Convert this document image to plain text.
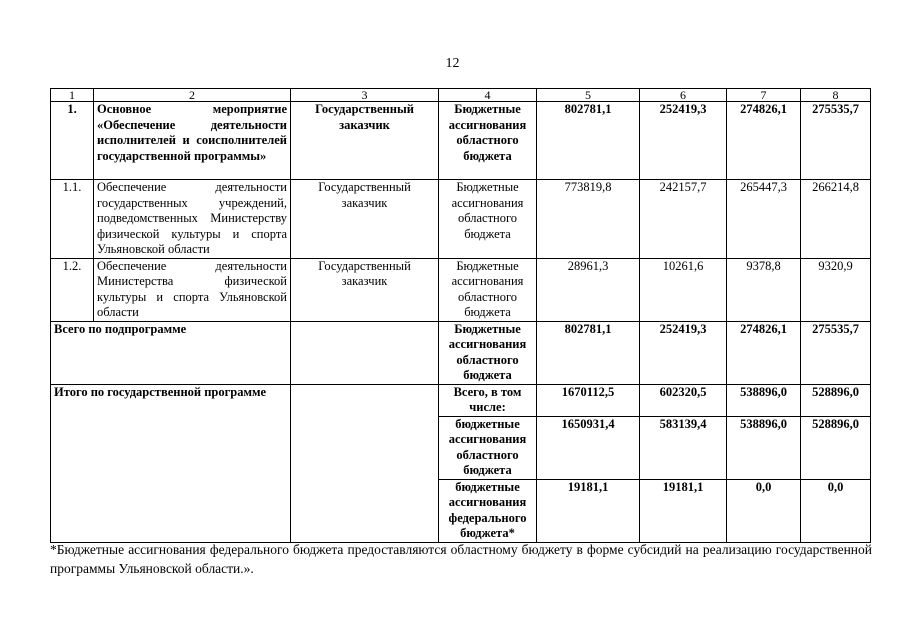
12
1	2	3	4	5	6	7	8
1.	Основное мероприятие «Обеспечение деятельности исполнителей и соисполнителей государственной программы»	Государственный заказчик	Бюджетные ассигнования областного бюджета	802781,1	252419,3	274826,1	275535,7
1.1.	Обеспечение деятельности государственных учреждений, подведомственных Министерству физической культуры и спорта Ульяновской области	Государственный заказчик	Бюджетные ассигнования областного бюджета	773819,8	242157,7	265447,3	266214,8
1.2.	Обеспечение деятельности Министерства физической культуры и спорта Ульяновской области	Государственный заказчик	Бюджетные ассигнования областного бюджета	28961,3	10261,6	9378,8	9320,9
Всего по подпрограмме			Бюджетные ассигнования областного бюджета	802781,1	252419,3	274826,1	275535,7
Итого по государственной программе			Всего, в том числе:	1670112,5	602320,5	538896,0	528896,0
			бюджетные ассигнования областного бюджета	1650931,4	583139,4	538896,0	528896,0
			бюджетные ассигнования федерального бюджета*	19181,1	19181,1	0,0	0,0
*Бюджетные ассигнования федерального бюджета предоставляются областному бюджету в форме субсидий на реализацию государственной программы Ульяновской области.».
